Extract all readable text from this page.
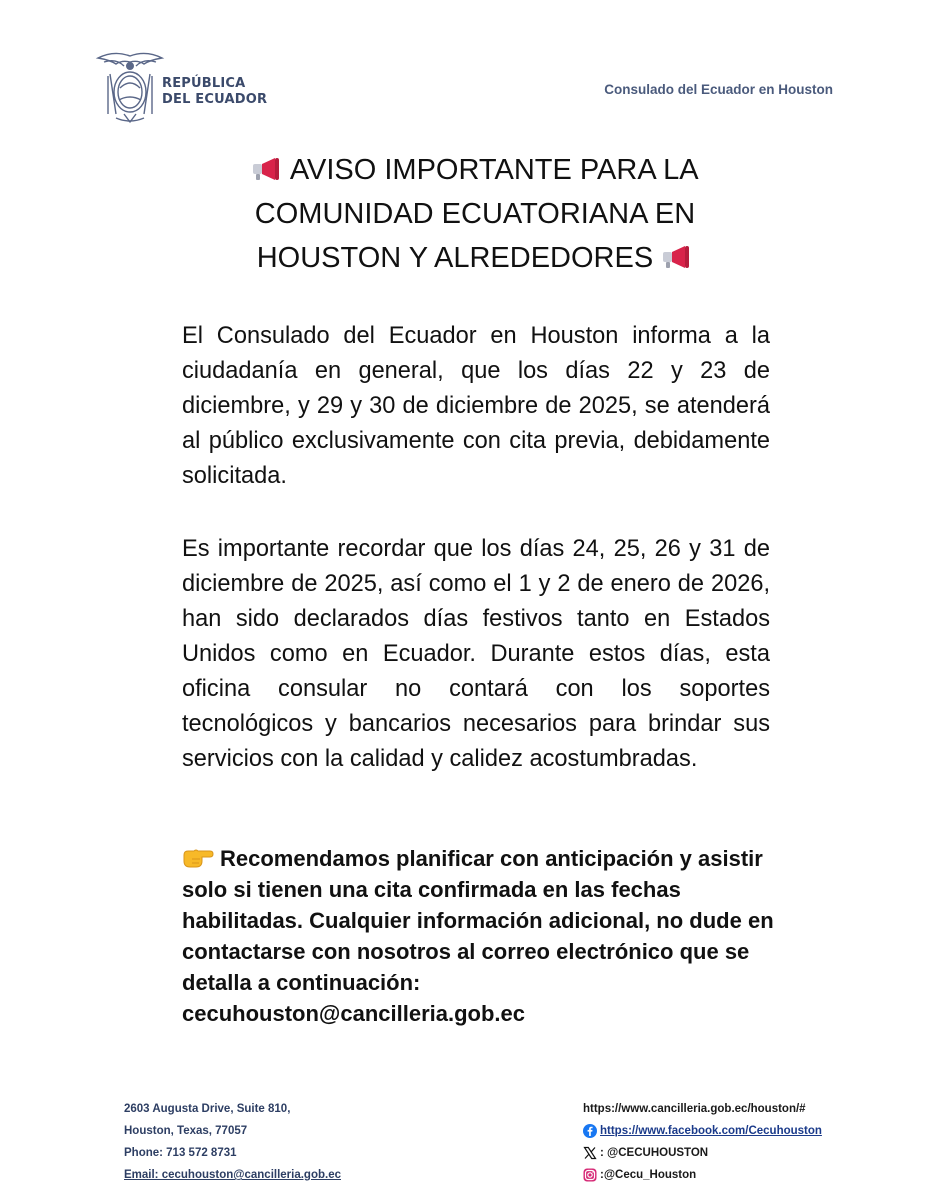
REPÚBLICA
DEL ECUADOR
Consulado del Ecuador en Houston
AVISO IMPORTANTE PARA LA
COMUNIDAD ECUATORIANA EN
HOUSTON Y ALREDEDORES
El Consulado del Ecuador en Houston informa a la ciudadanía en general, que los días 22 y 23 de diciembre, y 29 y 30 de diciembre de 2025, se atenderá al público exclusivamente con cita previa, debidamente solicitada.
Es importante recordar que los días 24, 25, 26 y 31 de diciembre de 2025, así como el 1 y 2 de enero de 2026, han sido declarados días festivos tanto en Estados Unidos como en Ecuador. Durante estos días, esta oficina consular no contará con los soportes tecnológicos y bancarios necesarios para brindar sus servicios con la calidad y calidez acostumbradas.
Recomendamos planificar con anticipación y asistir solo si tienen una cita confirmada en las fechas habilitadas. Cualquier información adicional, no dude en contactarse con nosotros al correo electrónico que se detalla a continuación:
cecuhouston@cancilleria.gob.ec
2603 Augusta Drive, Suite 810,
Houston, Texas, 77057
Phone: 713 572 8731
Email: cecuhouston@cancilleria.gob.ec
https://www.cancilleria.gob.ec/houston/#
https://www.facebook.com/Cecuhouston
: @CECUHOUSTON
:@Cecu_Houston
